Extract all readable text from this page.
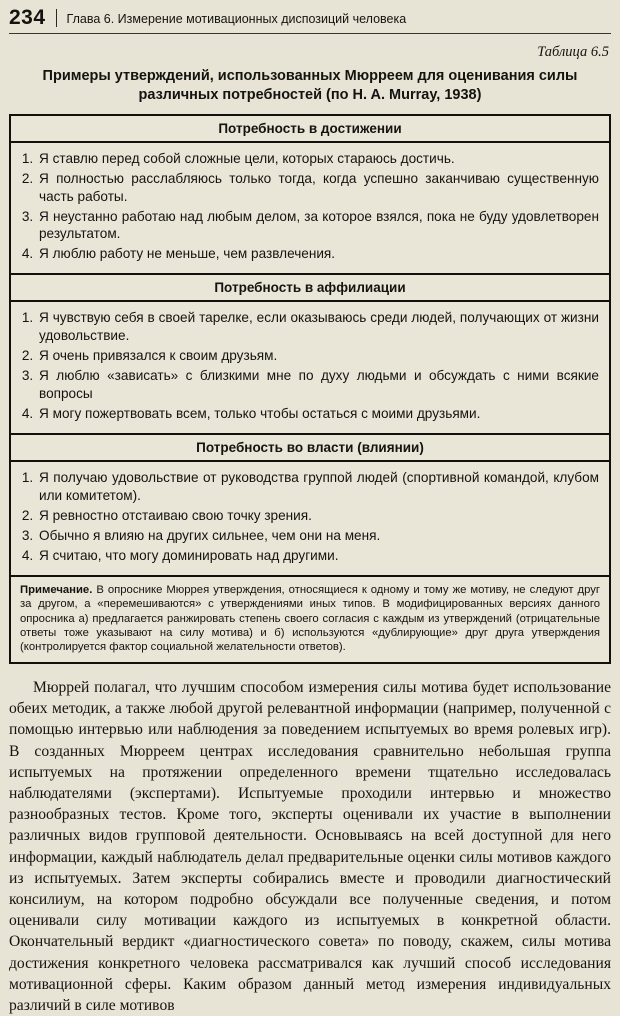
234 Глава 6. Измерение мотивационных диспозиций человека
Таблица 6.5
Примеры утверждений, использованных Мюрреем для оценивания силы различных потребностей (по H. A. Murray, 1938)
Потребность в достижении
1. Я ставлю перед собой сложные цели, которых стараюсь достичь.
2. Я полностью расслабляюсь только тогда, когда успешно заканчиваю существенную часть работы.
3. Я неустанно работаю над любым делом, за которое взялся, пока не буду удовлетворен результатом.
4. Я люблю работу не меньше, чем развлечения.
Потребность в аффилиации
1. Я чувствую себя в своей тарелке, если оказываюсь среди людей, получающих от жизни удовольствие.
2. Я очень привязался к своим друзьям.
3. Я люблю «зависать» с близкими мне по духу людьми и обсуждать с ними всякие вопросы
4. Я могу пожертвовать всем, только чтобы остаться с моими друзьями.
Потребность во власти (влиянии)
1. Я получаю удовольствие от руководства группой людей (спортивной командой, клубом или комитетом).
2. Я ревностно отстаиваю свою точку зрения.
3. Обычно я влияю на других сильнее, чем они на меня.
4. Я считаю, что могу доминировать над другими.
Примечание. В опроснике Мюррея утверждения, относящиеся к одному и тому же мотиву, не следуют друг за другом, а «перемешиваются» с утверждениями иных типов. В модифицированных версиях данного опросника а) предлагается ранжировать степень своего согласия с каждым из утверждений (отрицательные ответы тоже указывают на силу мотива) и б) используются «дублирующие» друг друга утверждения (контролируется фактор социальной желательности ответов).

Мюррей полагал, что лучшим способом измерения силы мотива будет использование обеих методик, а также любой другой релевантной информации (например, полученной с помощью интервью или наблюдения за поведением испытуемых во время ролевых игр). В созданных Мюрреем центрах исследования сравнительно небольшая группа испытуемых на протяжении определенного времени тщательно исследовалась наблюдателями (экспертами). Испытуемые проходили интервью и множество разнообразных тестов. Кроме того, эксперты оценивали их участие в выполнении различных видов групповой деятельности. Основываясь на всей доступной для него информации, каждый наблюдатель делал предварительные оценки силы мотивов каждого из испытуемых. Затем эксперты собирались вместе и проводили диагностический консилиум, на котором подробно обсуждали все полученные сведения, и потом оценивали силу мотивации каждого из испытуемых в конкретной области. Окончательный вердикт «диагностического совета» по поводу, скажем, силы мотива достижения конкретного человека рассматривался как лучший способ исследования мотивационной сферы. Каким образом данный метод измерения индивидуальных различий в силе мотивов
